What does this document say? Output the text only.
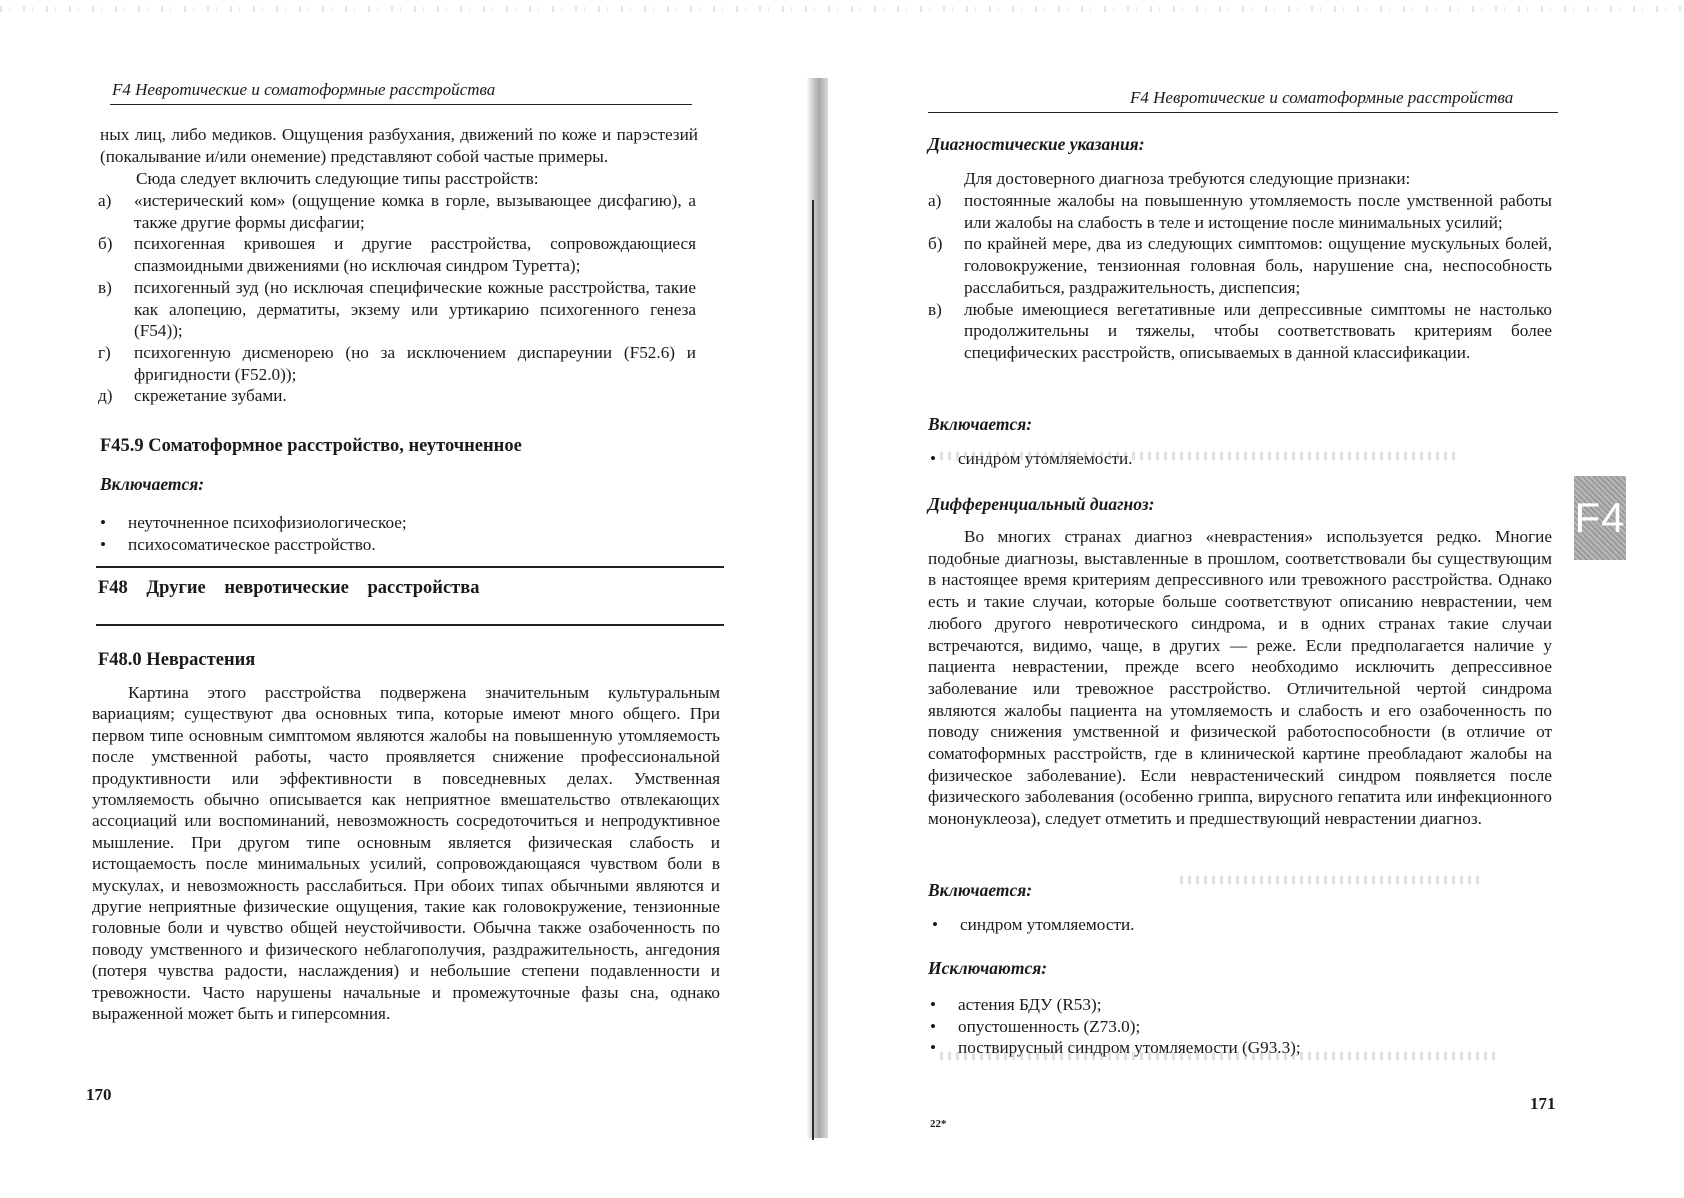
F4 Невротические и соматоформные расстройства

ных лиц, либо медиков. Ощущения разбухания, движений по коже и парэстезий (покалывание и/или онемение) представляют собой частые примеры.

Сюда следует включить следующие типы расстройств:

а) «истерический ком» (ощущение комка в горле, вызывающее дисфагию), а также другие формы дисфагии;
б) психогенная кривошея и другие расстройства, сопровождающиеся спазмоидными движениями (но исключая синдром Туретта);
в) психогенный зуд (но исключая специфические кожные расстройства, такие как алопецию, дерматиты, экзему или уртикарию психогенного генеза (F54));
г) психогенную дисменорею (но за исключением диспареунии (F52.6) и фригидности (F52.0));
д) скрежетание зубами.
F45.9 Соматоформное расстройство, неуточненное
Включается:
• неуточненное психофизиологическое;
• психосоматическое расстройство.
F48 Другие невротические расстройства
F48.0 Неврастения

Картина этого расстройства подвержена значительным культуральным вариациям; существуют два основных типа, которые имеют много общего. При первом типе основным симптомом являются жалобы на повышенную утомляемость после умственной работы, часто проявляется снижение профессиональной продуктивности или эффективности в повседневных делах. Умственная утомляемость обычно описывается как неприятное вмешательство отвлекающих ассоциаций или воспоминаний, невозможность сосредоточиться и непродуктивное мышление. При другом типе основным является физическая слабость и истощаемость после минимальных усилий, сопровождающаяся чувством боли в мускулах, и невозможность расслабиться. При обоих типах обычными являются и другие неприятные физические ощущения, такие как головокружение, тензионные головные боли и чувство общей неустойчивости. Обычна также озабоченность по поводу умственного и физического неблагополучия, раздражительность, ангедония (потеря чувства радости, наслаждения) и небольшие степени подавленности и тревожности. Часто нарушены начальные и промежуточные фазы сна, однако выраженной может быть и гиперсомния.

170
F4 Невротические и соматоформные расстройства
Диагностические указания:

Для достоверного диагноза требуются следующие признаки:

а) постоянные жалобы на повышенную утомляемость после умственной работы или жалобы на слабость в теле и истощение после минимальных усилий;
б) по крайней мере, два из следующих симптомов: ощущение мускульных болей, головокружение, тензионная головная боль, нарушение сна, неспособность расслабиться, раздражительность, диспепсия;
в) любые имеющиеся вегетативные или депрессивные симптомы не настолько продолжительны и тяжелы, чтобы соответствовать критериям более специфических расстройств, описываемых в данной классификации.
Включается:
• синдром утомляемости.
Дифференциальный диагноз:

Во многих странах диагноз «неврастения» используется редко. Многие подобные диагнозы, выставленные в прошлом, соответствовали бы существующим в настоящее время критериям депрессивного или тревожного расстройства. Однако есть и такие случаи, которые больше соответствуют описанию неврастении, чем любого другого невротического синдрома, и в одних странах такие случаи встречаются, видимо, чаще, в других — реже. Если предполагается наличие у пациента неврастении, прежде всего необходимо исключить депрессивное заболевание или тревожное расстройство. Отличительной чертой синдрома являются жалобы пациента на утомляемость и слабость и его озабоченность по поводу снижения умственной и физической работоспособности (в отличие от соматоформных расстройств, где в клинической картине преобладают жалобы на физическое заболевание). Если неврастенический синдром появляется после физического заболевания (особенно гриппа, вирусного гепатита или инфекционного мононуклеоза), следует отметить и предшествующий неврастении диагноз.

Включается:
• синдром утомляемости.
Исключаются:
• астения БДУ (R53);
• опустошенность (Z73.0);
• поствирусный синдром утомляемости (G93.3);
22*
171
F4
